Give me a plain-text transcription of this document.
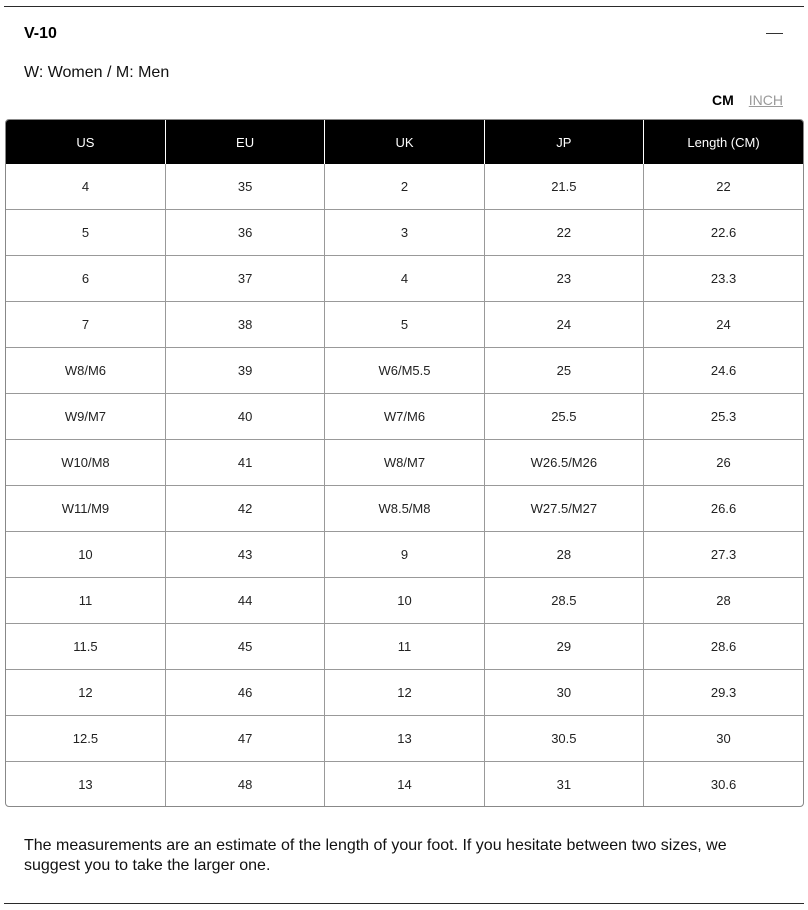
V-10
W: Women / M: Men
CM INCH
US	EU	UK	JP	Length (CM)
4	35	2	21.5	22
5	36	3	22	22.6
6	37	4	23	23.3
7	38	5	24	24
W8/M6	39	W6/M5.5	25	24.6
W9/M7	40	W7/M6	25.5	25.3
W10/M8	41	W8/M7	W26.5/M26	26
W11/M9	42	W8.5/M8	W27.5/M27	26.6
10	43	9	28	27.3
11	44	10	28.5	28
11.5	45	11	29	28.6
12	46	12	30	29.3
12.5	47	13	30.5	30
13	48	14	31	30.6
The measurements are an estimate of the length of your foot. If you hesitate between two sizes, we suggest you to take the larger one.
